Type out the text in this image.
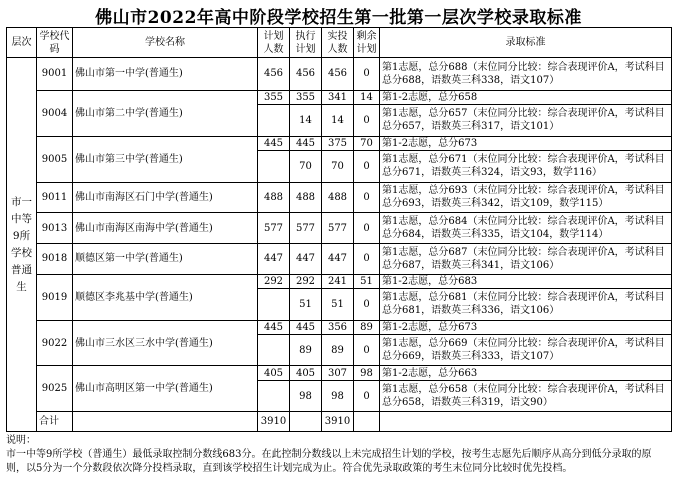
佛山市2022年高中阶段学校招生第一批第一层次学校录取标准
层次	学校代码	学校名称	计划人数	执行计划	实投人数	剩余计划	录取标准
市一中等9所学校普通生	9001	佛山市第一中学(普通生)	456	456	456	0	第1志愿，总分688（末位同分比较：综合表现评价A，考试科目总分688，语数英三科338，语文107）
	9004	佛山市第二中学(普通生)	355	355	341	14	第1-2志愿，总分658
				14	14	0	第1志愿，总分657（末位同分比较：综合表现评价A，考试科目总分657，语数英三科317，语文101）
	9005	佛山市第三中学(普通生)	445	445	375	70	第1-2志愿，总分673
				70	70	0	第1志愿，总分671（末位同分比较：综合表现评价A，考试科目总分671，语数英三科324，语文93，数学116）
	9011	佛山市南海区石门中学(普通生)	488	488	488	0	第1志愿，总分693（末位同分比较：综合表现评价A，考试科目总分693，语数英三科342，语文109，数学115）
	9013	佛山市南海区南海中学(普通生)	577	577	577	0	第1志愿，总分684（末位同分比较：综合表现评价A，考试科目总分684，语数英三科335，语文104，数学114）
	9018	顺德区第一中学(普通生)	447	447	447	0	第1志愿，总分687（末位同分比较：综合表现评价A，考试科目总分687，语数英三科341，语文106）
	9019	顺德区李兆基中学(普通生)	292	292	241	51	第1-2志愿，总分683
				51	51	0	第1志愿，总分681（末位同分比较：综合表现评价A，考试科目总分681，语数英三科336，语文106）
	9022	佛山市三水区三水中学(普通生)	445	445	356	89	第1-2志愿，总分673
				89	89	0	第1志愿，总分669（末位同分比较：综合表现评价A，考试科目总分669，语数英三科333，语文107）
	9025	佛山市高明区第一中学(普通生)	405	405	307	98	第1-2志愿，总分663
				98	98	0	第1志愿，总分658（末位同分比较：综合表现评价A，考试科目总分658，语数英三科319，语文90）
	合计		3910		3910		
说明：
市一中等9所学校（普通生）最低录取控制分数线683分。在此控制分数线以上未完成招生计划的学校，按考生志愿先后顺序从高分到低分录取的原则，以5分为一个分数段依次降分投档录取，直到该学校招生计划完成为止。符合优先录取政策的考生末位同分比较时优先投档。
